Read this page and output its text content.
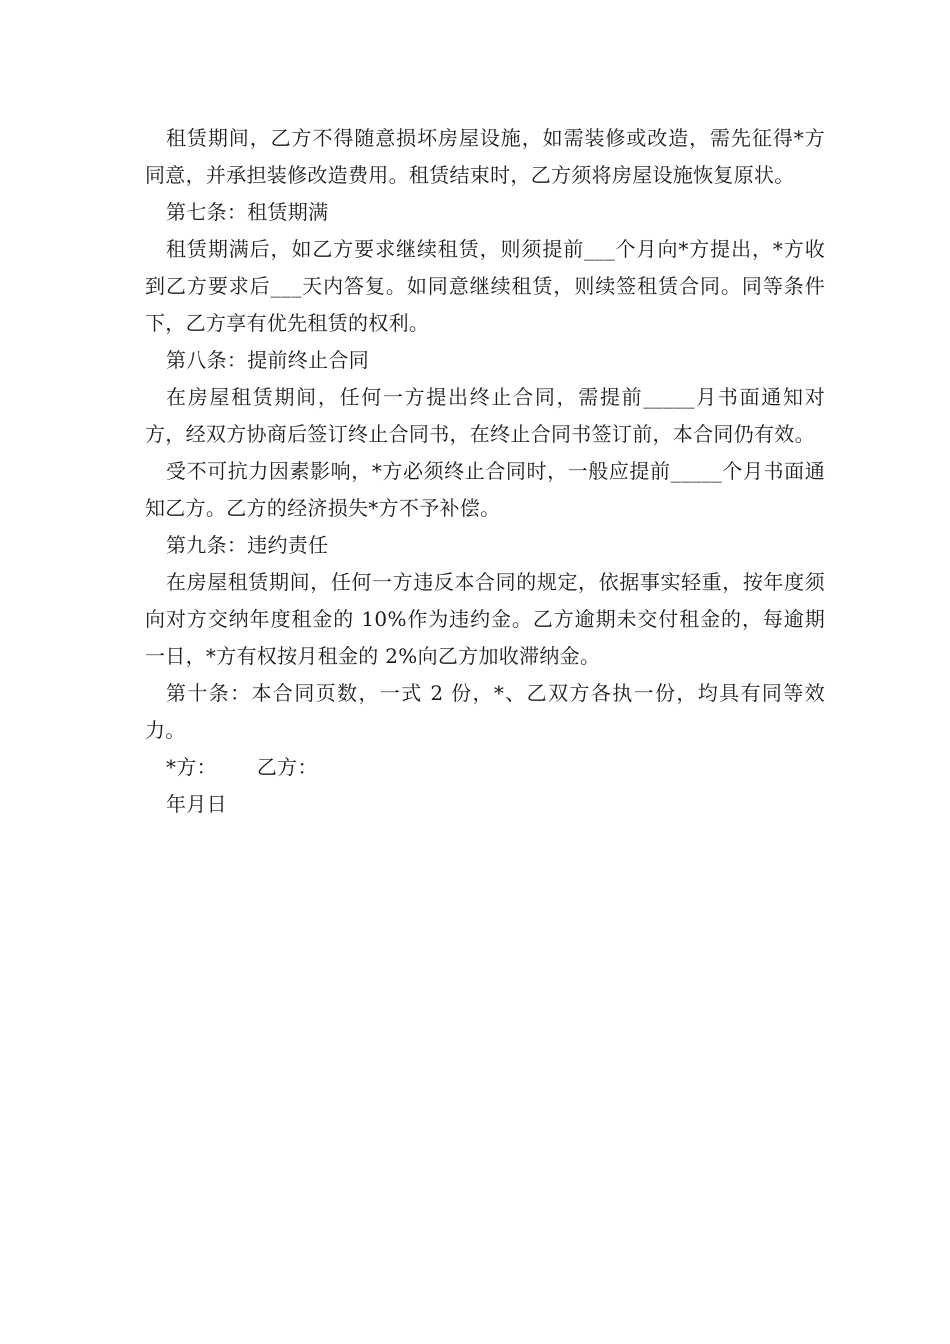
租赁期间，乙方不得随意损坏房屋设施，如需装修或改造，需先征得*方同意，并承担装修改造费用。租赁结束时，乙方须将房屋设施恢复原状。

第七条：租赁期满

租赁期满后，如乙方要求继续租赁，则须提前___个月向*方提出，*方收到乙方要求后___天内答复。如同意继续租赁，则续签租赁合同。同等条件下，乙方享有优先租赁的权利。

第八条：提前终止合同

在房屋租赁期间，任何一方提出终止合同，需提前_____月书面通知对方，经双方协商后签订终止合同书，在终止合同书签订前，本合同仍有效。

受不可抗力因素影响，*方必须终止合同时，一般应提前_____个月书面通知乙方。乙方的经济损失*方不予补偿。

第九条：违约责任

在房屋租赁期间，任何一方违反本合同的规定，依据事实轻重，按年度须向对方交纳年度租金的 10%作为违约金。乙方逾期未交付租金的，每逾期一日，*方有权按月租金的 2%向乙方加收滞纳金。

第十条：本合同页数，一式 2 份，*、乙双方各执一份，均具有同等效力。

*方：      乙方：

年月日
